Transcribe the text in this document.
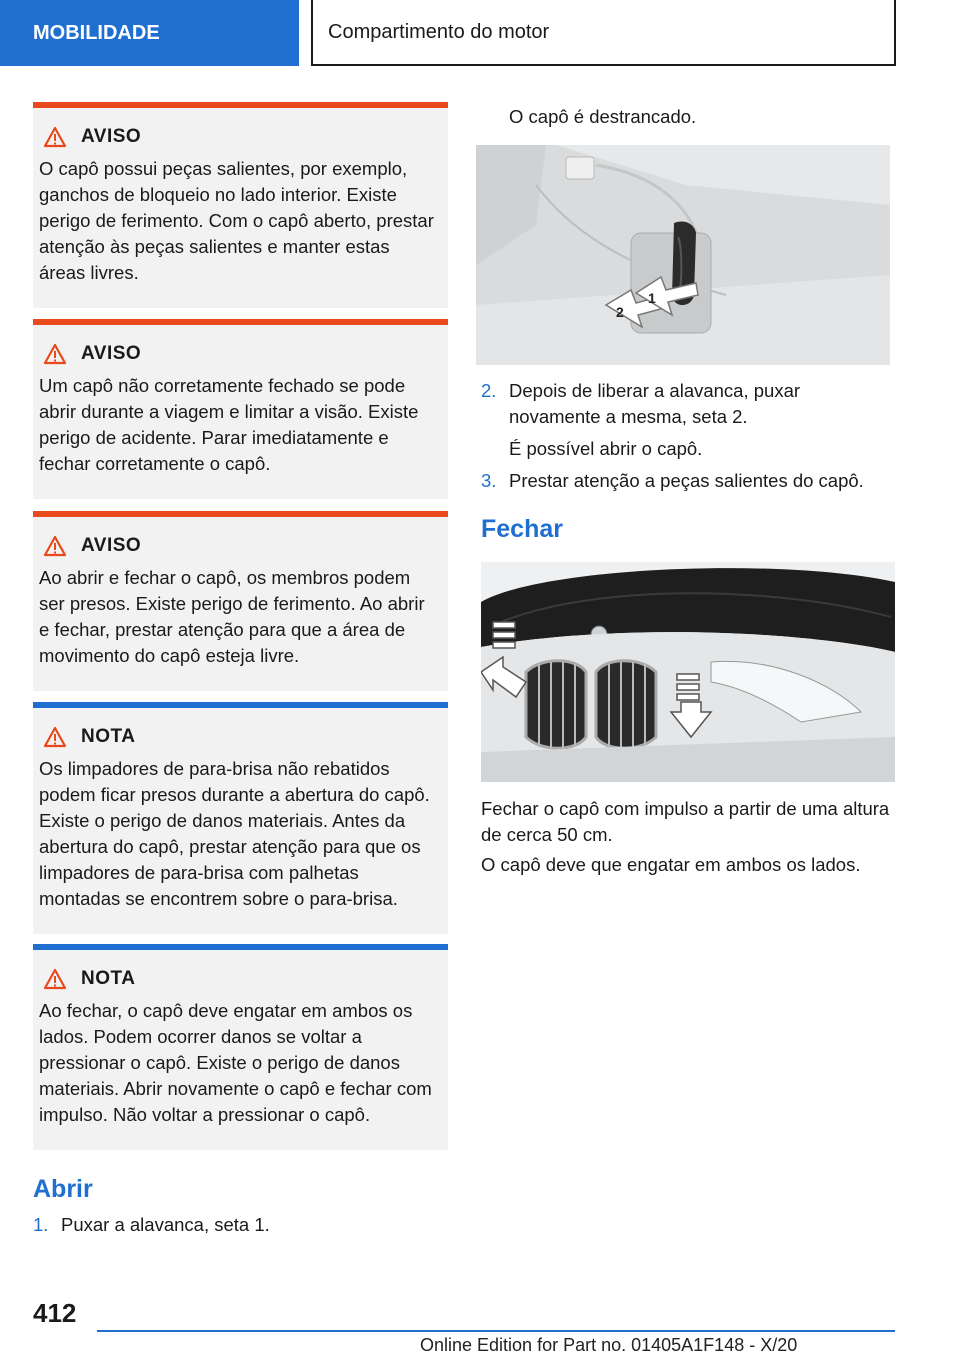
MOBILIDADE	Compartimento do motor
AVISO
O capô possui peças salientes, por exemplo, ganchos de bloqueio no lado interior. Existe perigo de ferimento. Com o capô aberto, prestar atenção às peças salientes e manter estas áreas livres.
AVISO
Um capô não corretamente fechado se pode abrir durante a viagem e limitar a visão. Existe perigo de acidente. Parar imediatamente e fechar corretamente o capô.
AVISO
Ao abrir e fechar o capô, os membros podem ser presos. Existe perigo de ferimento. Ao abrir e fechar, prestar atenção para que a área de movimento do capô esteja livre.
NOTA
Os limpadores de para-brisa não rebatidos podem ficar presos durante a abertura do capô. Existe o perigo de danos materiais. Antes da abertura do capô, prestar atenção para que os limpadores de para-brisa com palhetas montadas se encontrem sobre o para-brisa.
NOTA
Ao fechar, o capô deve engatar em ambos os lados. Podem ocorrer danos se voltar a pressionar o capô. Existe o perigo de danos materiais. Abrir novamente o capô e fechar com impulso. Não voltar a pressionar o capô.
Abrir
1. Puxar a alavanca, seta 1.
O capô é destrancado.
2
1
2. Depois de liberar a alavanca, puxar novamente a mesma, seta 2.
É possível abrir o capô.
3. Prestar atenção a peças salientes do capô.
Fechar
Fechar o capô com impulso a partir de uma altura de cerca 50 cm.
O capô deve que engatar em ambos os lados.
412
Online Edition for Part no. 01405A1F148 - X/20
